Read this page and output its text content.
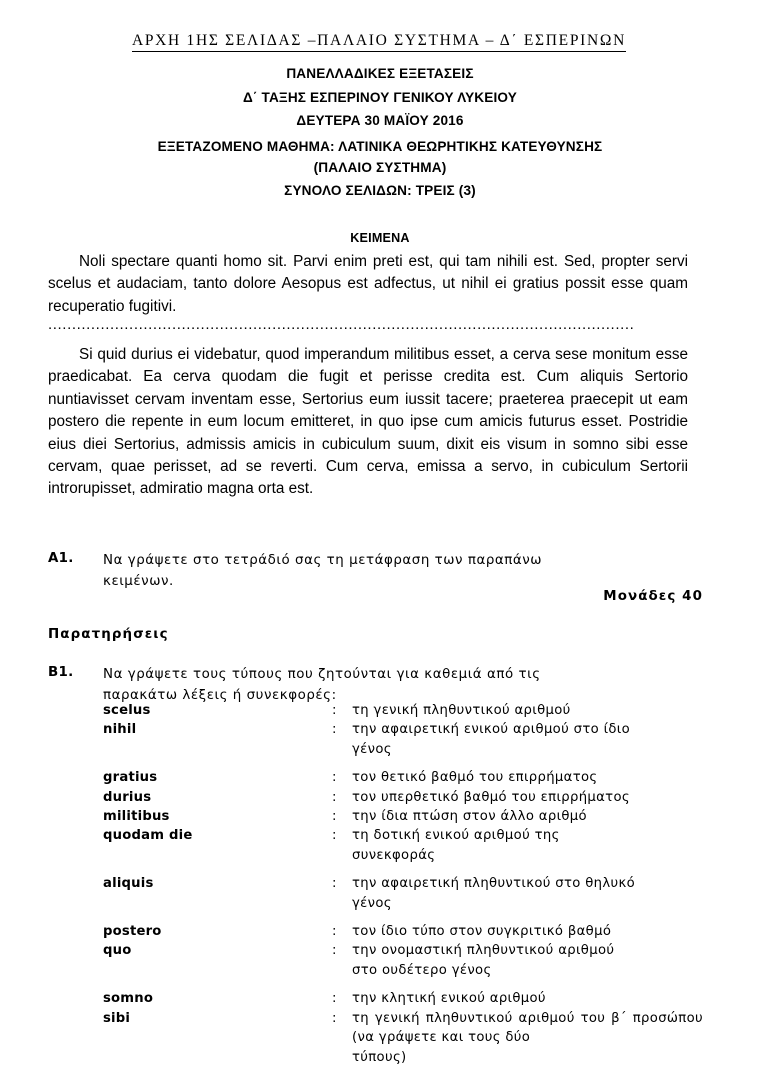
ΑΡΧΗ 1ΗΣ ΣΕΛΙΔΑΣ –ΠΑΛΑΙΟ ΣΥΣΤΗΜΑ – Δ΄ ΕΣΠΕΡΙΝΩΝ
ΠΑΝΕΛΛΑΔΙΚΕΣ ΕΞΕΤΑΣΕΙΣ
Δ΄ ΤΑΞΗΣ ΕΣΠΕΡΙΝΟΥ ΓΕΝΙΚΟΥ ΛΥΚΕΙΟΥ
ΔΕΥΤΕΡΑ 30 ΜΑΪΟΥ 2016
ΕΞΕΤΑΖΟΜΕΝΟ ΜΑΘΗΜΑ: ΛΑΤΙΝΙΚΑ ΘΕΩΡΗΤΙΚΗΣ ΚΑΤΕΥΘΥΝΣΗΣ
(ΠΑΛΑΙΟ ΣΥΣΤΗΜΑ)
ΣΥΝΟΛΟ ΣΕΛΙΔΩΝ: ΤΡΕΙΣ (3)
ΚΕΙΜΕΝΑ
Noli spectare quanti homo sit. Parvi enim preti est, qui tam nihili est. Sed, propter servi scelus et audaciam, tanto dolore Aesopus est adfectus, ut nihil ei gratius possit esse quam recuperatio fugitivi.
...........................................................................................................................
Si quid durius ei videbatur, quod imperandum militibus esset, a cerva sese monitum esse praedicabat. Ea cerva quodam die fugit et perisse credita est. Cum aliquis Sertorio nuntiavisset cervam inventam esse, Sertorius eum iussit tacere; praeterea praecepit ut eam postero die repente in eum locum emitteret, in quo ipse cum amicis futurus esset. Postridie eius diei Sertorius, admissis amicis in cubiculum suum, dixit eis visum in somno sibi esse cervam, quae perisset, ad se reverti. Cum cerva, emissa a servo, in cubiculum Sertorii introrupisset, admiratio magna orta est.
Α1. Να γράψετε στο τετράδιό σας τη μετάφραση των παραπάνω
κειμένων.
Μονάδες 40
Παρατηρήσεις
Β1. Να γράψετε τους τύπους που ζητούνται για καθεμιά από τις
παρακάτω λέξεις ή συνεκφορές:
scelus	:	τη γενική πληθυντικού αριθμού
nihil	:	την αφαιρετική ενικού αριθμού στο ίδιο
γένος
gratius	:	τον θετικό βαθμό του επιρρήματος
durius	:	τον υπερθετικό βαθμό του επιρρήματος
militibus	:	την ίδια πτώση στον άλλο αριθμό
quodam die	:	τη δοτική ενικού αριθμού της
συνεκφοράς
aliquis	:	την αφαιρετική πληθυντικού στο θηλυκό
γένος
postero	:	τον ίδιο τύπο στον συγκριτικό βαθμό
quo	:	την ονομαστική πληθυντικού αριθμού
στο ουδέτερο γένος
somno	:	την κλητική ενικού αριθμού
sibi	:	τη γενική πληθυντικού αριθμού του β΄ προσώπου (να γράψετε και τους δύο
τύπους)
